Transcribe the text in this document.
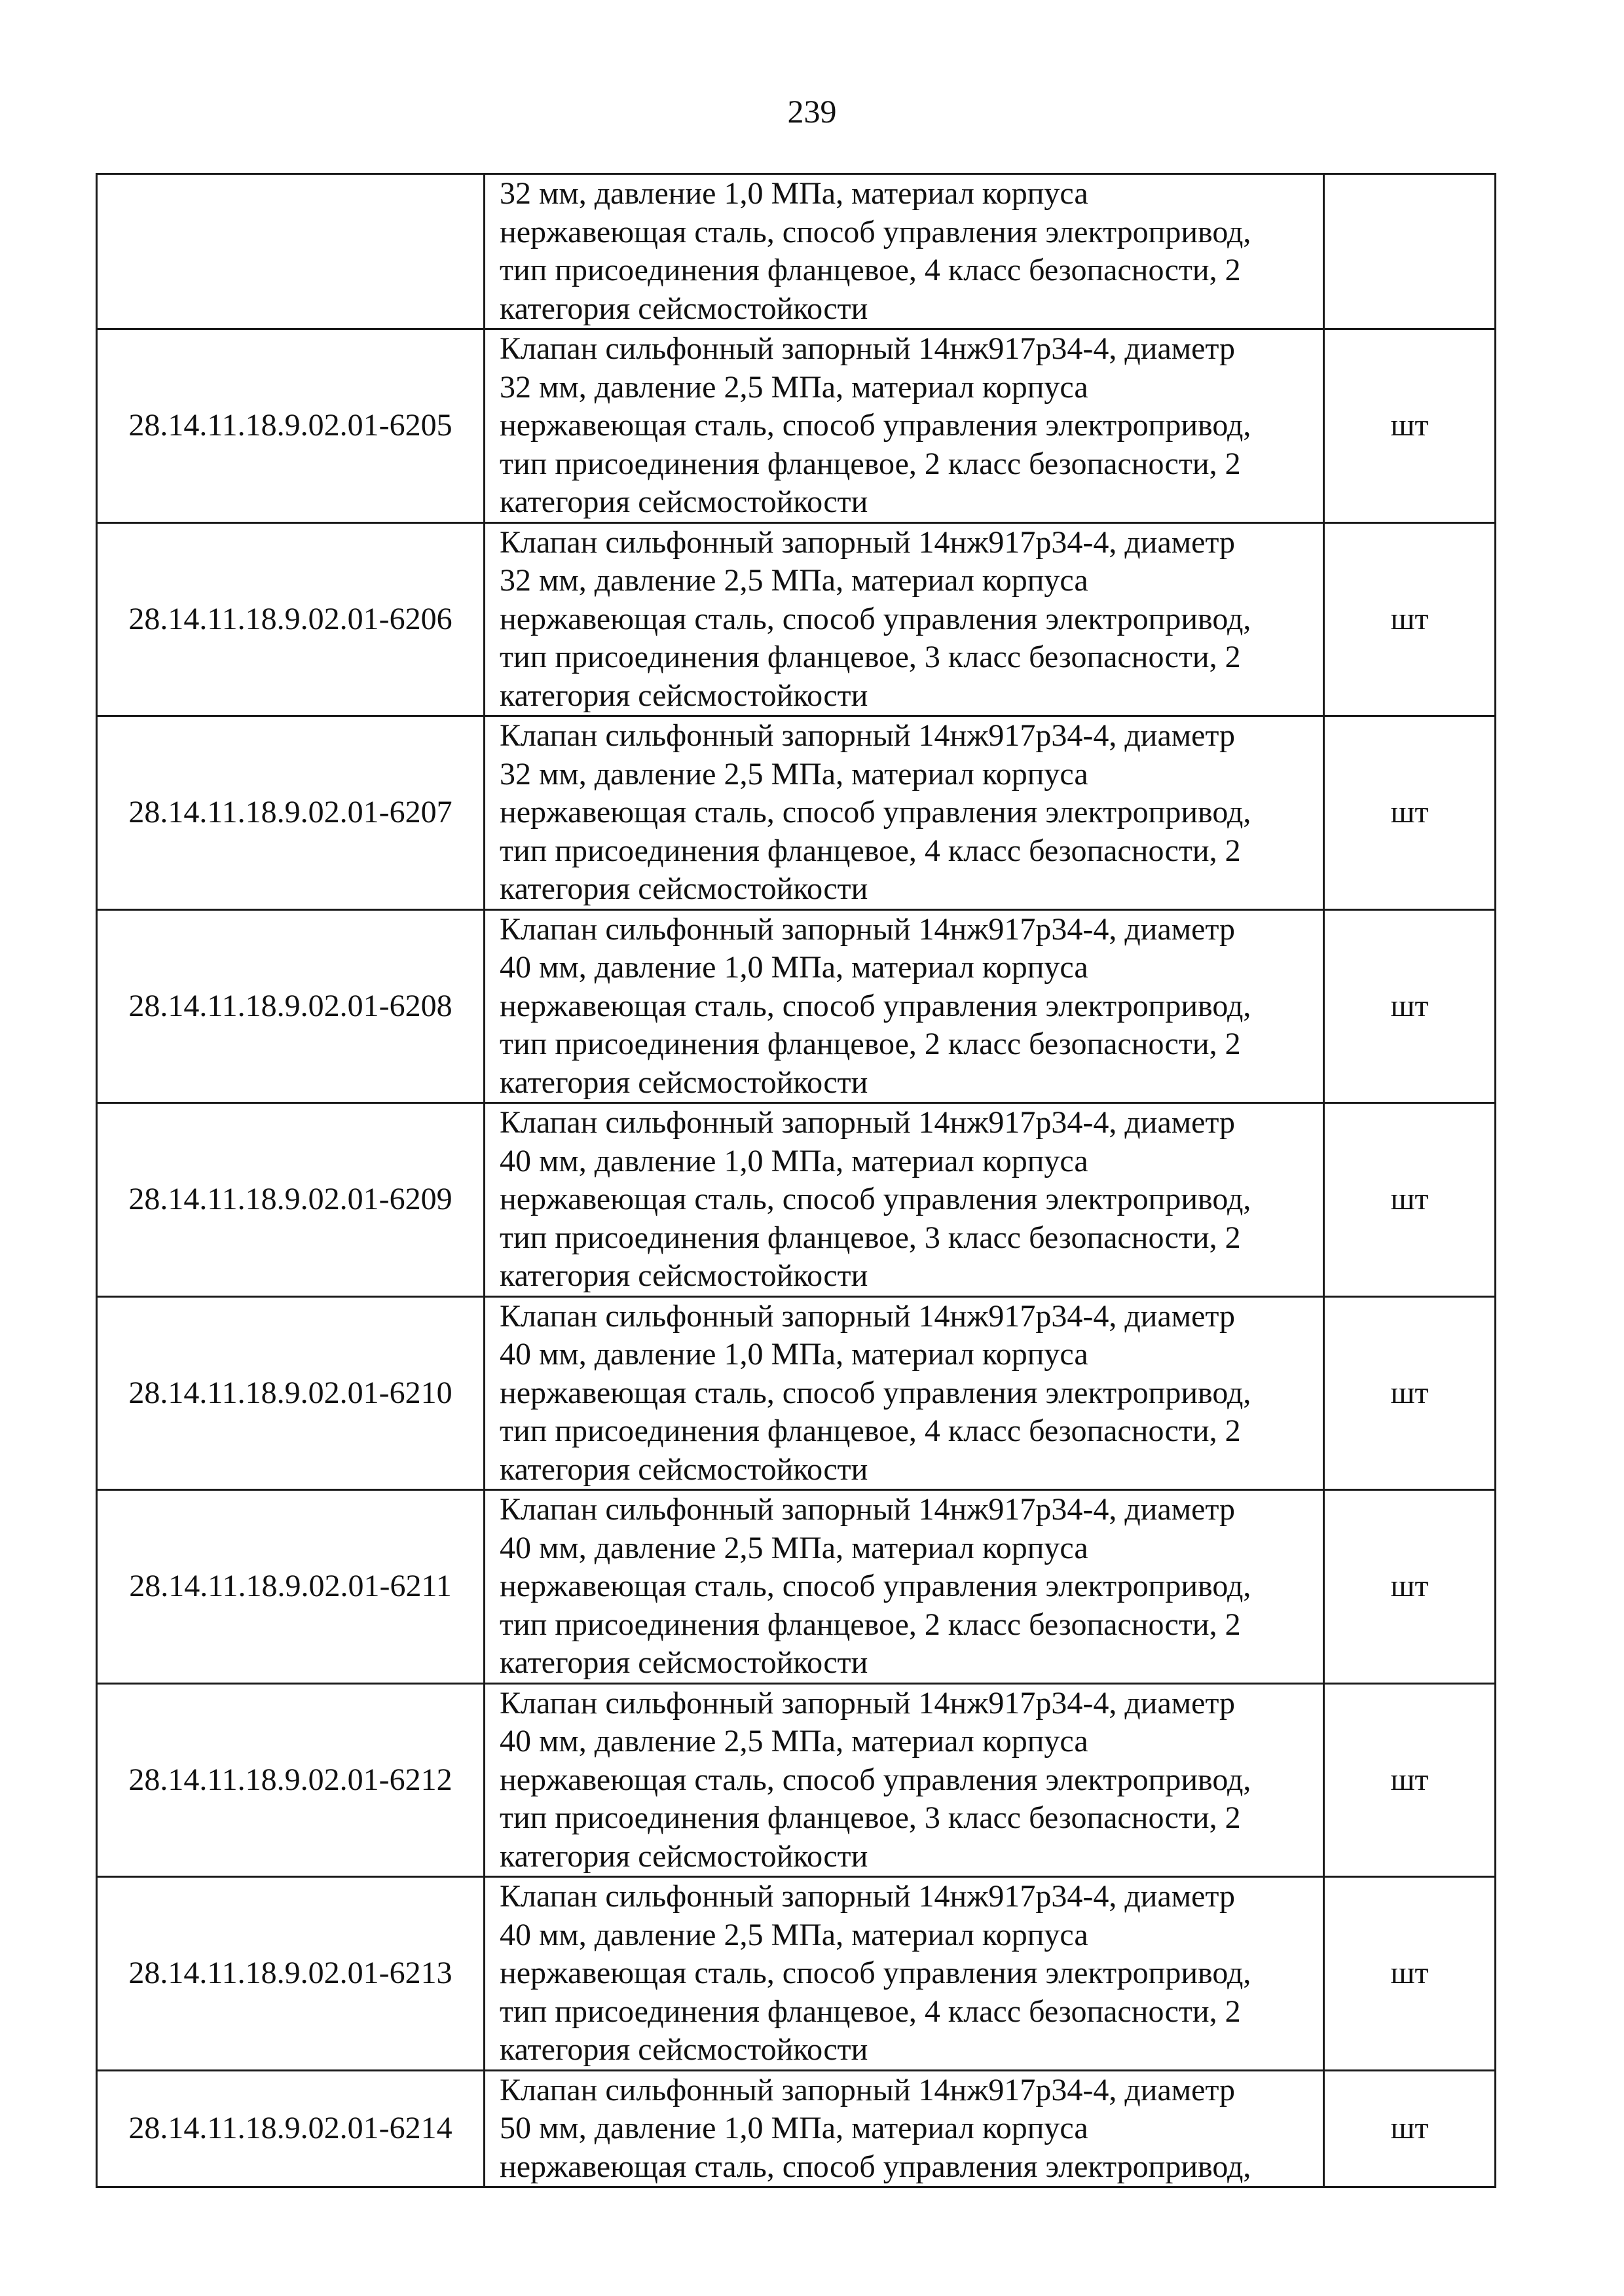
239

	32 мм, давление 1,0 МПа, материал корпуса
нержавеющая сталь, способ управления электропривод,
тип присоединения фланцевое, 4 класс безопасности, 2
категория сейсмостойкости	

28.14.11.18.9.02.01-6205	Клапан сильфонный запорный 14нж917р34-4, диаметр
32 мм, давление 2,5 МПа, материал корпуса
нержавеющая сталь, способ управления электропривод,
тип присоединения фланцевое, 2 класс безопасности, 2
категория сейсмостойкости	шт
28.14.11.18.9.02.01-6206	Клапан сильфонный запорный 14нж917р34-4, диаметр
32 мм, давление 2,5 МПа, материал корпуса
нержавеющая сталь, способ управления электропривод,
тип присоединения фланцевое, 3 класс безопасности, 2
категория сейсмостойкости	шт
28.14.11.18.9.02.01-6207	Клапан сильфонный запорный 14нж917р34-4, диаметр
32 мм, давление 2,5 МПа, материал корпуса
нержавеющая сталь, способ управления электропривод,
тип присоединения фланцевое, 4 класс безопасности, 2
категория сейсмостойкости	шт
28.14.11.18.9.02.01-6208	Клапан сильфонный запорный 14нж917р34-4, диаметр
40 мм, давление 1,0 МПа, материал корпуса
нержавеющая сталь, способ управления электропривод,
тип присоединения фланцевое, 2 класс безопасности, 2
категория сейсмостойкости	шт
28.14.11.18.9.02.01-6209	Клапан сильфонный запорный 14нж917р34-4, диаметр
40 мм, давление 1,0 МПа, материал корпуса
нержавеющая сталь, способ управления электропривод,
тип присоединения фланцевое, 3 класс безопасности, 2
категория сейсмостойкости	шт
28.14.11.18.9.02.01-6210	Клапан сильфонный запорный 14нж917р34-4, диаметр
40 мм, давление 1,0 МПа, материал корпуса
нержавеющая сталь, способ управления электропривод,
тип присоединения фланцевое, 4 класс безопасности, 2
категория сейсмостойкости	шт
28.14.11.18.9.02.01-6211	Клапан сильфонный запорный 14нж917р34-4, диаметр
40 мм, давление 2,5 МПа, материал корпуса
нержавеющая сталь, способ управления электропривод,
тип присоединения фланцевое, 2 класс безопасности, 2
категория сейсмостойкости	шт
28.14.11.18.9.02.01-6212	Клапан сильфонный запорный 14нж917р34-4, диаметр
40 мм, давление 2,5 МПа, материал корпуса
нержавеющая сталь, способ управления электропривод,
тип присоединения фланцевое, 3 класс безопасности, 2
категория сейсмостойкости	шт
28.14.11.18.9.02.01-6213	Клапан сильфонный запорный 14нж917р34-4, диаметр
40 мм, давление 2,5 МПа, материал корпуса
нержавеющая сталь, способ управления электропривод,
тип присоединения фланцевое, 4 класс безопасности, 2
категория сейсмостойкости	шт
28.14.11.18.9.02.01-6214	Клапан сильфонный запорный 14нж917р34-4, диаметр
50 мм, давление 1,0 МПа, материал корпуса
нержавеющая сталь, способ управления электропривод,	шт
